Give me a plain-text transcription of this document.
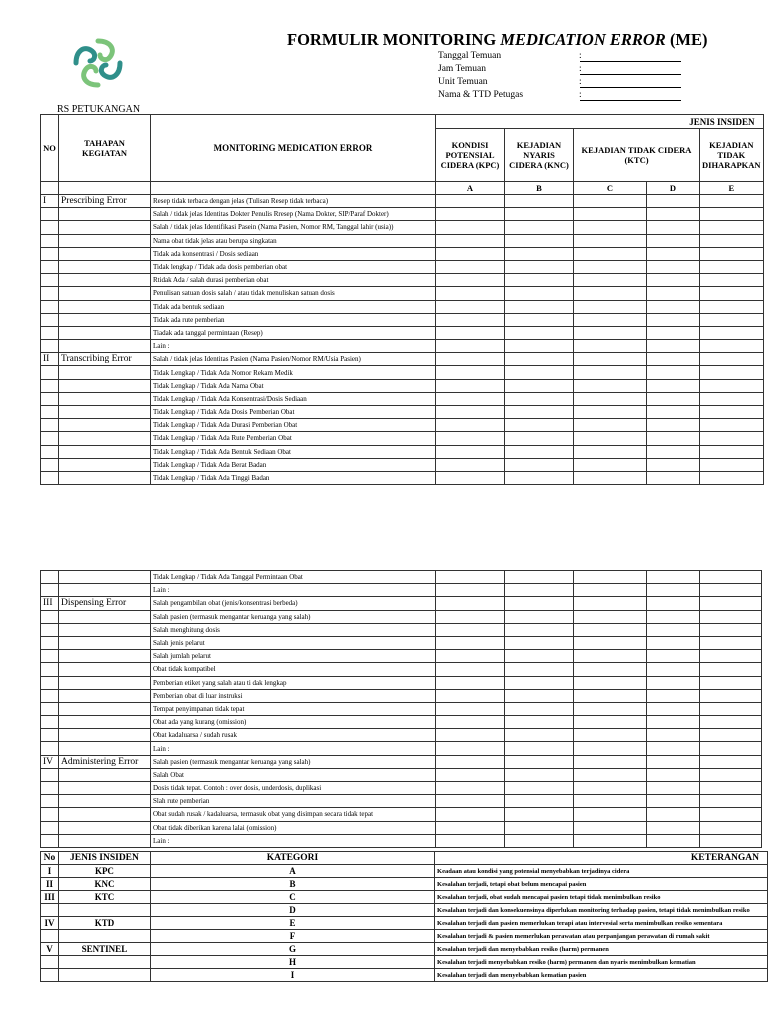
RS PETUKANGAN
FORMULIR MONITORING MEDICATION ERROR (ME)
Tanggal Temuan	:
Jam Temuan	:
Unit Temuan	:
Nama & TTD Petugas	:
NO	TAHAPAN KEGIATAN	MONITORING MEDICATION ERROR	JENIS INSIDEN				
			KONDISI POTENSIAL CIDERA (KPC)	KEJADIAN NYARIS CIDERA (KNC)	KEJADIAN TIDAK CIDERA (KTC)		KEJADIAN TIDAK DIHARAPKAN
			A	B	C	D	E
I	Prescribing Error	Resep tidak terbaca dengan jelas (Tulisan Resep tidak terbaca)					
		Salah / tidak jelas Identitas Dokter Penulis Rresep (Nama Dokter, SIP/Paraf Dokter)					
		Salah / tidak jelas Identifikasi Pasein (Nama Pasien, Nomor RM, Tanggal lahir (usia))					
		Nama obat tidak jelas atau berupa singkatan					
		Tidak ada konsentrasi / Dosis sediaan					
		Tidak lengkap / Tidak ada dosis pemberian obat					
		Rtidak Ada / salah durasi pemberian obat					
		Penulisan satuan dosis salah / atau tidak menuliskan satuan dosis					
		Tidak ada bentuk sediaan					
		Tidak ada rute pemberian					
		Tiadak ada tanggal permintaan (Resep)					
		Lain :					
II	Transcribing Error	Salah / tidak jelas Identitas Pasien (Nama Pasien/Nomor RM/Usia Pasien)					
		Tidak Lengkap / Tidak Ada Nomor Rekam Medik					
		Tidak Lengkap / Tidak Ada Nama Obat					
		Tidak Lengkap / Tidak Ada Konsentrasi/Dosis Sediaan					
		Tidak Lengkap / Tidak Ada Dosis Pemberian Obat					
		Tidak Lengkap / Tidak Ada Durasi Pemberian Obat					
		Tidak Lengkap / Tidak Ada Rute Pemberian Obat					
		Tidak Lengkap / Tidak Ada Bentuk Sediaan Obat					
		Tidak Lengkap / Tidak Ada Berat Badan					
		Tidak Lengkap / Tidak Ada Tinggi Badan					
		Tidak Lengkap / Tidak Ada Tanggal Permintaan Obat					
		Lain :					
III	Dispensing Error	Salah pengambilan obat (jenis/konsentrasi berbeda)					
		Salah pasien (termasuk mengantar keruanga yang salah)					
		Salah menghitung dosis					
		Salah jenis pelarut					
		Salah jumlah pelarut					
		Obat tidak kompatibel					
		Pemberian etiket yang salah atau ti dak lengkap					
		Pemberian obat di luar instruksi					
		Tempat penyimpanan tidak tepat					
		Obat ada yang kurang (omission)					
		Obat kadaluarsa / sudah rusak					
		Lain :					
IV	Administering Error	Salah pasien (termasuk mengantar keruanga yang salah)					
		Salah Obat					
		Dosis tidak tepat. Contoh : over dosis, underdosis, duplikasi					
		Slah rute pemberian					
		Obat sudah rusak / kadaluarsa, termasuk obat yang disimpan secara tidak tepat					
		Obat tidak diberikan karena lalai (omission)					
		Lain :					
No	JENIS INSIDEN	KATEGORI	KETERANGAN
I	KPC	A	Keadaan atau kondisi yang potensial menyebabkan terjadinya cidera
II	KNC	B	Kesalahan terjadi, tetapi obat belum mencapai pasien
III	KTC	C	Kesalahan terjadi, obat sudah mencapai pasien tetapi tidak menimbulkan resiko
		D	Kesalahan terjadi dan konsekuensinya diperlukan monitoring terhadap pasien, tetapi tidak menimbulkan resiko
IV	KTD	E	Kesalahan terjadi dan pasien memerlukan terapi atau intervesial serta menimbulkan resiko sementara
		F	Kesalahan terjadi & pasien memerlukan perawatan atau perpanjangan perawatan di rumah sakit
V	SENTINEL	G	Kesalahan terjadi dan menyebabkan resiko (harm) permanen
		H	Kesalahan terjadi menyebabkan resiko (harm) permanen dan nyaris menimbulkan kematian
		I	Kesalahan terjadi dan menyebabkan kematian pasien
